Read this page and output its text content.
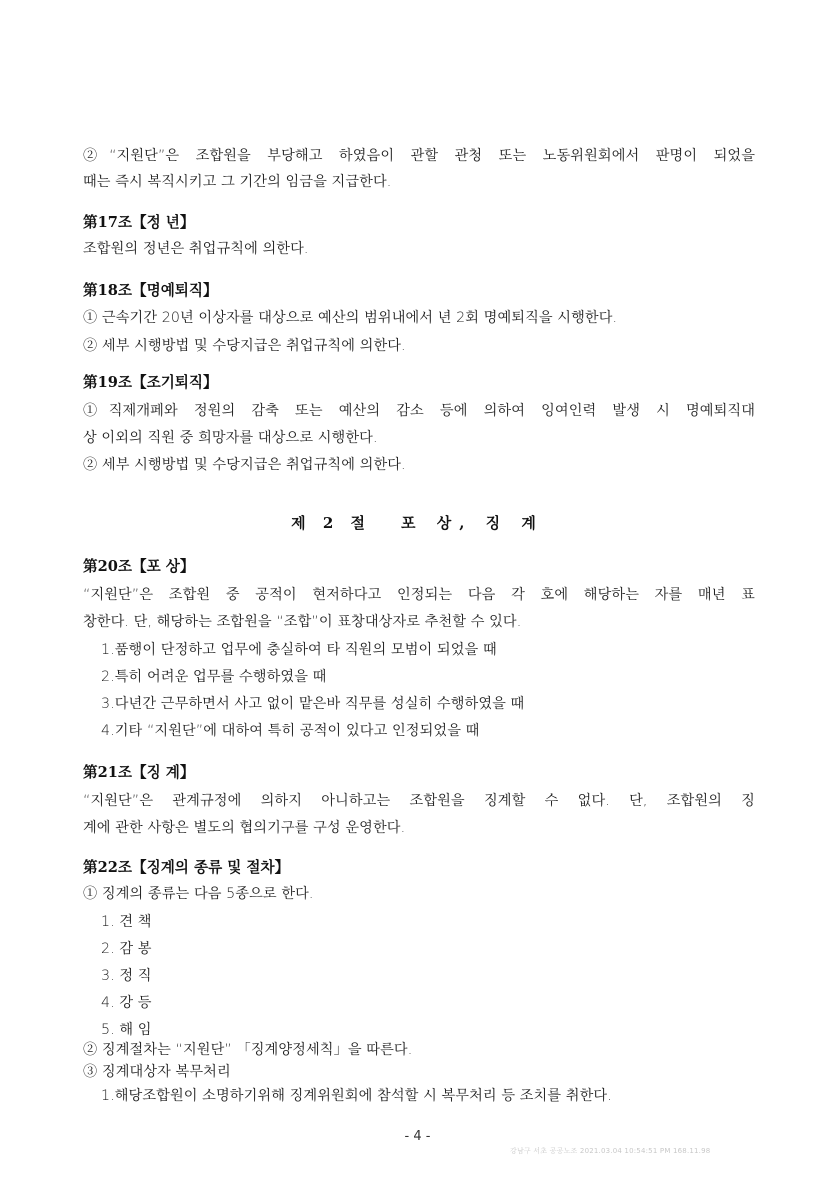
②“지원단”은 조합원을 부당해고 하였음이 관할 관청 또는 노동위원회에서 판명이 되었을
때는 즉시 복직시키고 그 기간의 임금을 지급한다.
第17조【정 년】
조합원의 정년은 취업규칙에 의한다.
第18조【명예퇴직】
① 근속기간 20년 이상자를 대상으로 예산의 범위내에서 년 2회 명예퇴직을 시행한다.
② 세부 시행방법 및 수당지급은 취업규칙에 의한다.
第19조【조기퇴직】
①직제개페와 정원의 감축 또는 예산의 감소 등에 의하여 잉여인력 발생 시 명예퇴직대
상 이외의 직원 중 희망자를 대상으로 시행한다.
② 세부 시행방법 및 수당지급은 취업규칙에 의한다.
제 2 절 포 상, 징 계
第20조【포 상】
“지원단”은 조합원 중 공적이 현저하다고 인정되는 다음 각 호에 해당하는 자를 매년 표
창한다. 단, 해당하는 조합원을 “조합”이 표창대상자로 추천할 수 있다.
1.품행이 단정하고 업무에 충실하여 타 직원의 모범이 되었을 때
2.특히 어려운 업무를 수행하였을 때
3.다년간 근무하면서 사고 없이 맡은바 직무를 성실히 수행하였을 때
4.기타 “지원단”에 대하여 특히 공적이 있다고 인정되었을 때
第21조【징 계】
“지원단”은 관계규정에 의하지 아니하고는 조합원을 징계할 수 없다. 단, 조합원의 징
계에 관한 사항은 별도의 협의기구를 구성 운영한다.
第22조【징계의 종류 및 절차】
① 징계의 종류는 다음 5종으로 한다.
1. 견 책
2. 감 봉
3. 정 직
4. 강 등
5. 해 임
② 징계절차는 “지원단” 「징계양정세칙」을 따른다.
③ 징계대상자 복무처리
1.해당조합원이 소명하기위해 징계위원회에 참석할 시 복무처리 등 조치를 취한다.
- 4 -
강남구 서초 공공노조 2021.03.04 10:54:51 PM 168.11.98
